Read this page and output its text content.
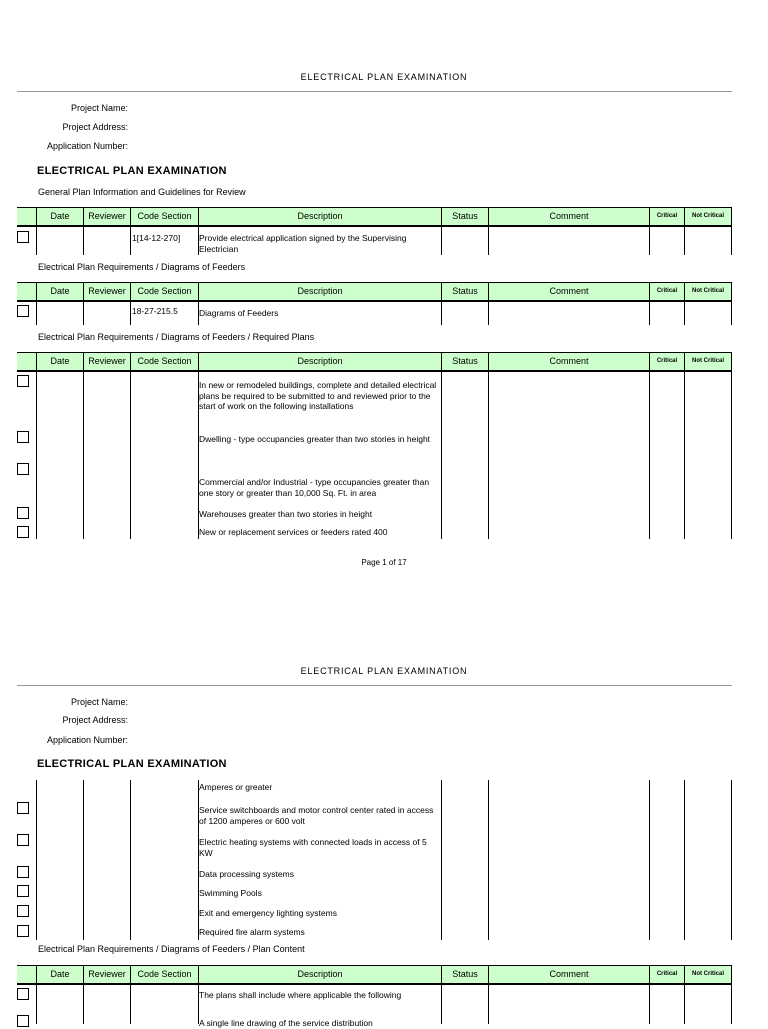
ELECTRICAL PLAN EXAMINATION
Project Name:
Project Address:
Application Number:
ELECTRICAL PLAN EXAMINATION
General Plan Information and Guidelines for Review
Date	Reviewer	Code Section	Description	Status	Comment	Critical	Not Critical
1[14-12-270]	Provide electrical application signed by the Supervising Electrician
Electrical Plan Requirements / Diagrams of Feeders
Date	Reviewer	Code Section	Description	Status	Comment	Critical	Not Critical
18-27-215.5	Diagrams of Feeders
Electrical Plan Requirements / Diagrams of Feeders / Required Plans
Date	Reviewer	Code Section	Description	Status	Comment	Critical	Not Critical
In new or remodeled buildings, complete and detailed electrical plans be required to be submitted to and reviewed prior to the start of work on the following installations
Dwelling - type occupancies greater than two stories in height
Commercial and/or Industrial - type occupancies greater than one story or greater than 10,000 Sq. Ft. in area
Warehouses greater than two stories in height
New or replacement services or feeders rated 400
Page 1 of 17
ELECTRICAL PLAN EXAMINATION
Project Name:
Project Address:
Application Number:
ELECTRICAL PLAN EXAMINATION
Amperes or greater
Service switchboards and motor control center rated in access of 1200 amperes or 600 volt
Electric heating systems with connected loads in access of 5 KW
Data processing systems
Swimming Pools
Exit and emergency lighting systems
Required fire alarm systems
Electrical Plan Requirements / Diagrams of Feeders / Plan Content
Date	Reviewer	Code Section	Description	Status	Comment	Critical	Not Critical
The plans shall include where applicable the following
A single line drawing of the service distribution
